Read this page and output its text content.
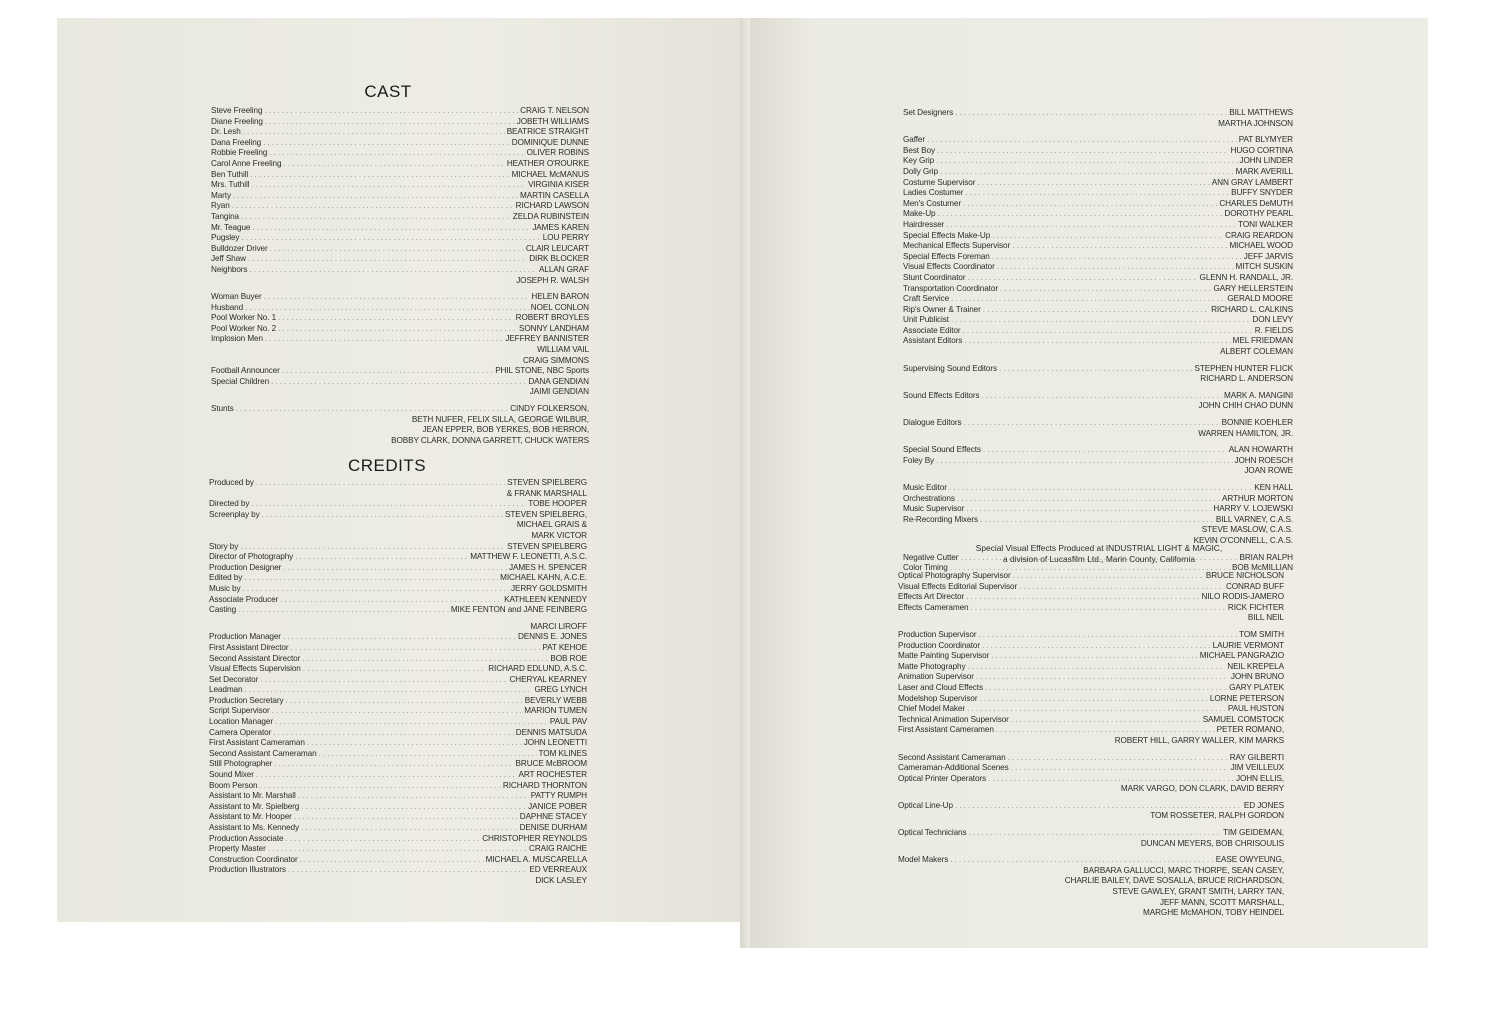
CAST
Steve Freeling . . .	CRAIG T. NELSON
Diane Freeling . . .	JOBETH WILLIAMS
Dr. Lesh . . .	BEATRICE STRAIGHT
Dana Freeling . . .	DOMINIQUE DUNNE
Robbie Freeling . . .	OLIVER ROBINS
Carol Anne Freeling . . .	HEATHER O'ROURKE
Ben Tuthill . . .	MICHAEL McMANUS
Mrs. Tuthill . . .	VIRGINIA KISER
Marty . . .	MARTIN CASELLA
Ryan . . .	RICHARD LAWSON
Tangina . . .	ZELDA RUBINSTEIN
Mr. Teague . . .	JAMES KAREN
Pugsley . . .	LOU PERRY
Bulldozer Driver . . .	CLAIR LEUCART
Jeff Shaw . . .	DIRK BLOCKER
Neighbors . . .	ALLAN GRAF
JOSEPH R. WALSH
Woman Buyer . . .	HELEN BARON
Husband . . .	NOEL CONLON
Pool Worker No. 1 . . .	ROBERT BROYLES
Pool Worker No. 2 . . .	SONNY LANDHAM
Implosion Men . . .	JEFFREY BANNISTER
WILLIAM VAIL
CRAIG SIMMONS
Football Announcer . . .	PHIL STONE, NBC Sports
Special Children . . .	DANA GENDIAN
JAIMI GENDIAN
Stunts . . .	CINDY FOLKERSON,
BETH NUFER, FELIX SILLA, GEORGE WILBUR,
JEAN EPPER, BOB YERKES, BOB HERRON,
BOBBY CLARK, DONNA GARRETT, CHUCK WATERS
CREDITS
Produced by . . .	STEVEN SPIELBERG
& FRANK MARSHALL
Directed by . . .	TOBE HOOPER
Screenplay by . . .	STEVEN SPIELBERG,
MICHAEL GRAIS &
MARK VICTOR
Story by . . .	STEVEN SPIELBERG
Director of Photography . . .	MATTHEW F. LEONETTI, A.S.C.
Production Designer . . .	JAMES H. SPENCER
Edited by . . .	MICHAEL KAHN, A.C.E.
Music by . . .	JERRY GOLDSMITH
Associate Producer . . .	KATHLEEN KENNEDY
Casting . . .	MIKE FENTON and JANE FEINBERG
MARCI LIROFF
Production Manager . . .	DENNIS E. JONES
First Assistant Director . . .	PAT KEHOE
Second Assistant Director . . .	BOB ROE
Visual Effects Supervision . . .	RICHARD EDLUND, A.S.C.
Set Decorator . . .	CHERYAL KEARNEY
Leadman . . .	GREG LYNCH
Production Secretary . . .	BEVERLY WEBB
Script Supervisor . . .	MARION TUMEN
Location Manager . . .	PAUL PAV
Camera Operator . . .	DENNIS MATSUDA
First Assistant Cameraman . . .	JOHN LEONETTI
Second Assistant Cameraman . . .	TOM KLINES
Still Photographer . . .	BRUCE McBROOM
Sound Mixer . . .	ART ROCHESTER
Boom Person . . .	RICHARD THORNTON
Assistant to Mr. Marshall . . .	PATTY RUMPH
Assistant to Mr. Spielberg . . .	JANICE POBER
Assistant to Mr. Hooper . . .	DAPHNE STACEY
Assistant to Ms. Kennedy . . .	DENISE DURHAM
Production Associate . . .	CHRISTOPHER REYNOLDS
Property Master . . .	CRAIG RAICHE
Construction Coordinator . . .	MICHAEL A. MUSCARELLA
Production Illustrators . . .	ED VERREAUX
DICK LASLEY
Set Designers . . .	BILL MATTHEWS
MARTHA JOHNSON
Gaffer . . .	PAT BLYMYER
Best Boy . . .	HUGO CORTINA
Key Grip . . .	JOHN LINDER
Dolly Grip . . .	MARK AVERILL
Costume Supervisor . . .	ANN GRAY LAMBERT
Ladies Costumer . . .	BUFFY SNYDER
Men's Costumer . . .	CHARLES DeMUTH
Make-Up . . .	DOROTHY PEARL
Hairdresser . . .	TONI WALKER
Special Effects Make-Up . . .	CRAIG REARDON
Mechanical Effects Supervisor . . .	MICHAEL WOOD
Special Effects Foreman . . .	JEFF JARVIS
Visual Effects Coordinator . . .	MITCH SUSKIN
Stunt Coordinator . . .	GLENN H. RANDALL, JR.
Transportation Coordinator . . .	GARY HELLERSTEIN
Craft Service . . .	GERALD MOORE
Rip's Owner & Trainer . . .	RICHARD L. CALKINS
Unit Publicist . . .	DON LEVY
Associate Editor . . .	R. FIELDS
Assistant Editors . . .	MEL FRIEDMAN
ALBERT COLEMAN
Supervising Sound Editors . . .	STEPHEN HUNTER FLICK
RICHARD L. ANDERSON
Sound Effects Editors . . .	MARK A. MANGINI
JOHN CHIH CHAO DUNN
Dialogue Editors . . .	BONNIE KOEHLER
WARREN HAMILTON, JR.
Special Sound Effects . . .	ALAN HOWARTH
Foley By . . .	JOHN ROESCH
JOAN ROWE
Music Editor . . .	KEN HALL
Orchestrations . . .	ARTHUR MORTON
Music Supervisor . . .	HARRY V. LOJEWSKI
Re-Recording Mixers . . .	BILL VARNEY, C.A.S.
STEVE MASLOW, C.A.S.
KEVIN O'CONNELL, C.A.S.
Negative Cutter . . .	BRIAN RALPH
Color Timing . . .	BOB McMILLIAN
Special Visual Effects Produced at INDUSTRIAL LIGHT & MAGIC,
a division of Lucasfilm Ltd., Marin County, California
Optical Photography Supervisor . . .	BRUCE NICHOLSON
Visual Effects Editorial Supervisor . . .	CONRAD BUFF
Effects Art Director . . .	NILO RODIS-JAMERO
Effects Cameramen . . .	RICK FICHTER
BILL NEIL
Production Supervisor . . .	TOM SMITH
Production Coordinator . . .	LAURIE VERMONT
Matte Painting Supervisor . . .	MICHAEL PANGRAZIO
Matte Photography . . .	NEIL KREPELA
Animation Supervisor . . .	JOHN BRUNO
Laser and Cloud Effects . . .	GARY PLATEK
Modelshop Supervisor . . .	LORNE PETERSON
Chief Model Maker . . .	PAUL HUSTON
Technical Animation Supervisor . . .	SAMUEL COMSTOCK
First Assistant Cameramen . . .	PETER ROMANO,
ROBERT HILL, GARRY WALLER, KIM MARKS
Second Assistant Cameraman . . .	RAY GILBERTI
Cameraman-Additional Scenes . . .	JIM VEILLEUX
Optical Printer Operators . . .	JOHN ELLIS,
MARK VARGO, DON CLARK, DAVID BERRY
Optical Line-Up . . .	ED JONES
TOM ROSSETER, RALPH GORDON
Optical Technicians . . .	TIM GEIDEMAN,
DUNCAN MEYERS, BOB CHRISOULIS
Model Makers . . .	EASE OWYEUNG,
BARBARA GALLUCCI, MARC THORPE, SEAN CASEY,
CHARLIE BAILEY, DAVE SOSALLA, BRUCE RICHARDSON,
STEVE GAWLEY, GRANT SMITH, LARRY TAN,
JEFF MANN, SCOTT MARSHALL,
MARGHE McMAHON, TOBY HEINDEL
